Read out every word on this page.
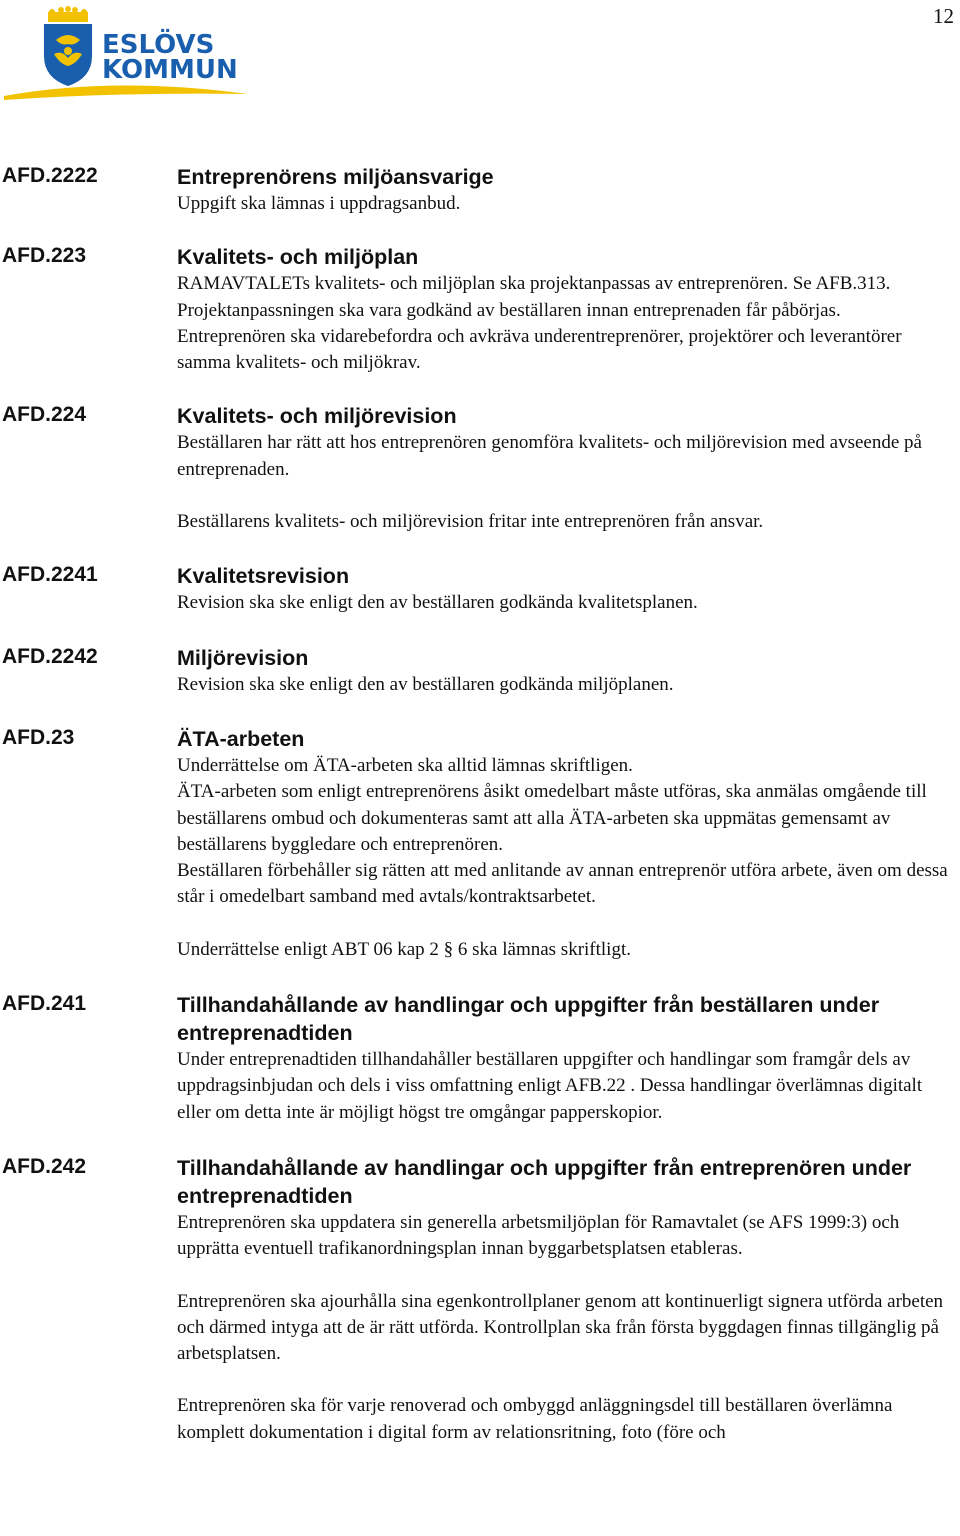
12
ESLÖVS
KOMMUN
AFD.2222	Entreprenörens miljöansvarige

Uppgift ska lämnas i uppdragsanbud.

AFD.223	Kvalitets- och miljöplan

RAMAVTALETs kvalitets- och miljöplan ska projektanpassas av entreprenören. Se AFB.313. Projektanpassningen ska vara godkänd av beställaren innan entreprenaden får påbörjas.

Entreprenören ska vidarebefordra och avkräva underentreprenörer, projektörer och leverantörer samma kvalitets- och miljökrav.

AFD.224	Kvalitets- och miljörevision

Beställaren har rätt att hos entreprenören genomföra kvalitets- och miljörevision med avseende på entreprenaden.

Beställarens kvalitets- och miljörevision fritar inte entreprenören från ansvar.

AFD.2241	Kvalitetsrevision

Revision ska ske enligt den av beställaren godkända kvalitetsplanen.

AFD.2242	Miljörevision

Revision ska ske enligt den av beställaren godkända miljöplanen.

AFD.23	ÄTA-arbeten

Underrättelse om ÄTA-arbeten ska alltid lämnas skriftligen.

ÄTA-arbeten som enligt entreprenörens åsikt omedelbart måste utföras, ska anmälas omgående till beställarens ombud och dokumenteras samt att alla ÄTA-arbeten ska uppmätas gemensamt av beställarens byggledare och entreprenören.

Beställaren förbehåller sig rätten att med anlitande av annan entreprenör utföra arbete, även om dessa står i omedelbart samband med avtals/kontraktsarbetet.

Underrättelse enligt ABT 06 kap 2 § 6 ska lämnas skriftligt.

AFD.241	Tillhandahållande av handlingar och uppgifter från beställaren under entreprenadtiden

Under entreprenadtiden tillhandahåller beställaren uppgifter och handlingar som framgår dels av uppdragsinbjudan och dels i viss omfattning enligt AFB.22 . Dessa handlingar överlämnas digitalt eller om detta inte är möjligt högst tre omgångar papperskopior.

AFD.242	Tillhandahållande av handlingar och uppgifter från entreprenören under entreprenadtiden

Entreprenören ska uppdatera sin generella arbetsmiljöplan för Ramavtalet (se AFS 1999:3) och upprätta eventuell trafikanordningsplan innan byggarbetsplatsen etableras.

Entreprenören ska ajourhålla sina egenkontrollplaner genom att kontinuerligt signera utförda arbeten och därmed intyga att de är rätt utförda. Kontrollplan ska från första byggdagen finnas tillgänglig på arbetsplatsen.

Entreprenören ska för varje renoverad och ombyggd anläggningsdel till beställaren överlämna komplett dokumentation i digital form av relationsritning, foto (före och
